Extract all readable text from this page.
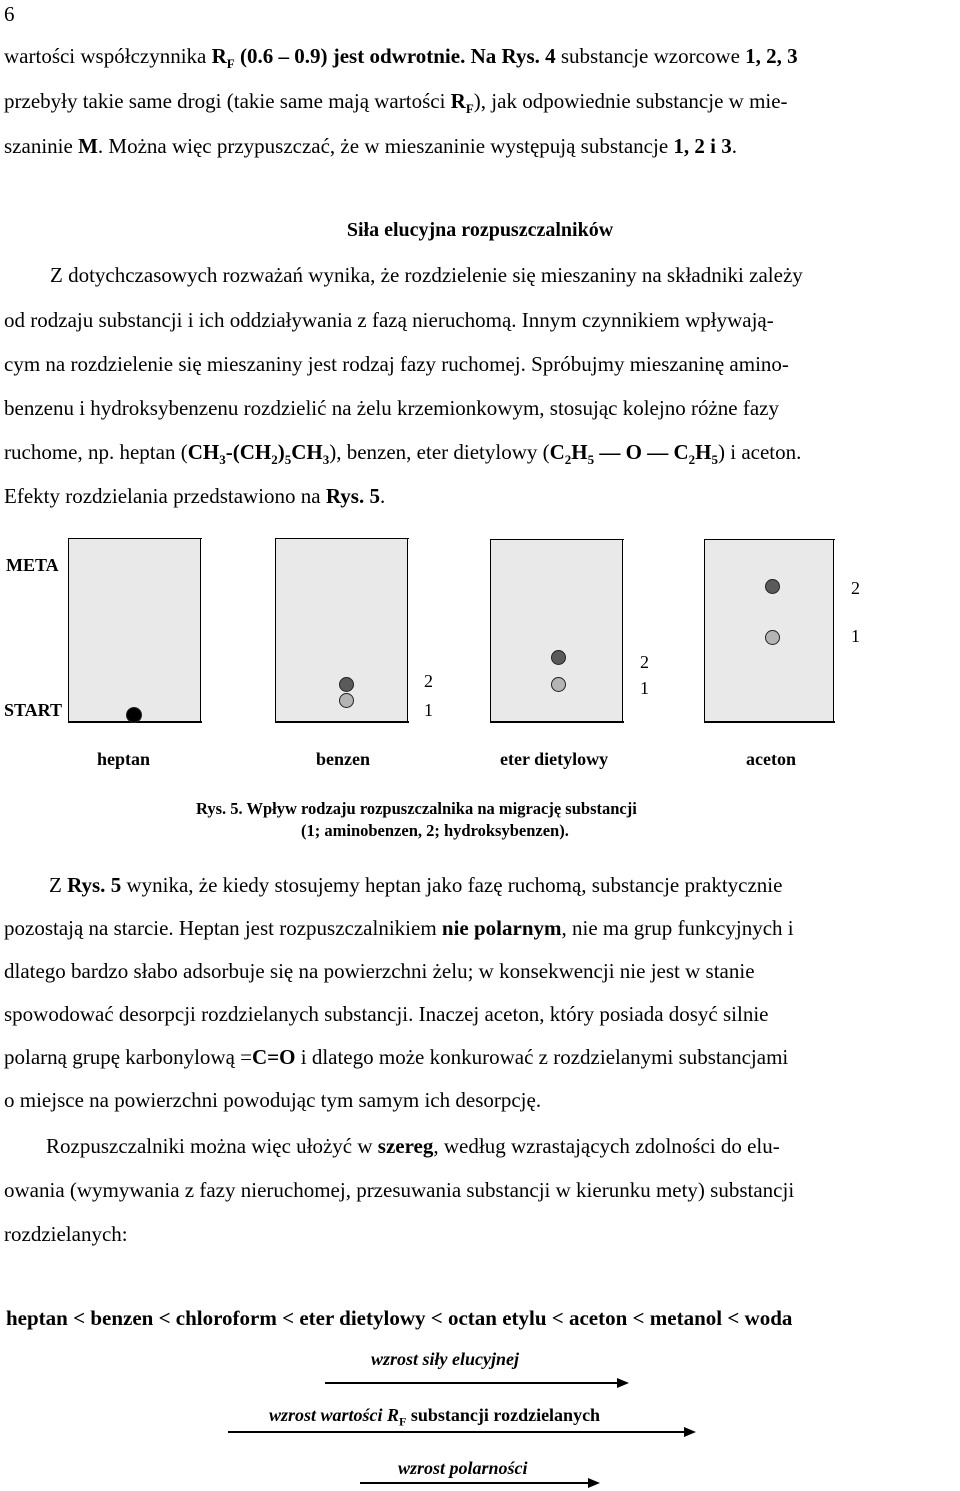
6
wartości współczynnika $R_F$ (0.6 – 0.9) jest odwrotnie. Na Rys. 4 substancje wzorcowe 1, 2, 3
przebyły takie same drogi (takie same mają wartości $R_F$), jak odpowiednie substancje w mie-
szaninie M. Można więc przypuszczać, że w mieszaninie występują substancje 1, 2 i 3.
Siła elucyjna rozpuszczalników
Z dotychczasowych rozważań wynika, że rozdzielenie się mieszaniny na składniki zależy
od rodzaju substancji i ich oddziaływania z fazą nieruchomą. Innym czynnikiem wpływają-
cym na rozdzielenie się mieszaniny jest rodzaj fazy ruchomej. Spróbujmy mieszaninę amino-
benzenu i hydroksybenzenu rozdzielić na żelu krzemionkowym, stosując kolejno różne fazy
ruchome, np. heptan $(CH_3-(CH_2)_5CH_3)$, benzen, eter dietylowy ($C_2H_5$ — O — $C_2H_5$) i aceton.
Efekty rozdzielania przedstawiono na Rys. 5.
META
START
2
1
2
1
2
1
heptan	benzen	eter dietylowy	aceton
Rys. 5. Wpływ rodzaju rozpuszczalnika na migrację substancji
(1; aminobenzen, 2; hydroksybenzen).
Z Rys. 5 wynika, że kiedy stosujemy heptan jako fazę ruchomą, substancje praktycznie
pozostają na starcie. Heptan jest rozpuszczalnikiem nie polarnym, nie ma grup funkcyjnych i
dlatego bardzo słabo adsorbuje się na powierzchni żelu; w konsekwencji nie jest w stanie
spowodować desorpcji rozdzielanych substancji. Inaczej aceton, który posiada dosyć silnie
polarną grupę karbonylową =C=O i dlatego może konkurować z rozdzielanymi substancjami
o miejsce na powierzchni powodując tym samym ich desorpcję.
Rozpuszczalniki można więc ułożyć w szereg, według wzrastających zdolności do elu-
owania (wymywania z fazy nieruchomej, przesuwania substancji w kierunku mety) substancji
rozdzielanych:
heptan < benzen < chloroform < eter dietylowy < octan etylu < aceton < metanol < woda
wzrost siły elucyjnej
wzrost wartości $R_F$ substancji rozdzielanych
wzrost polarności
